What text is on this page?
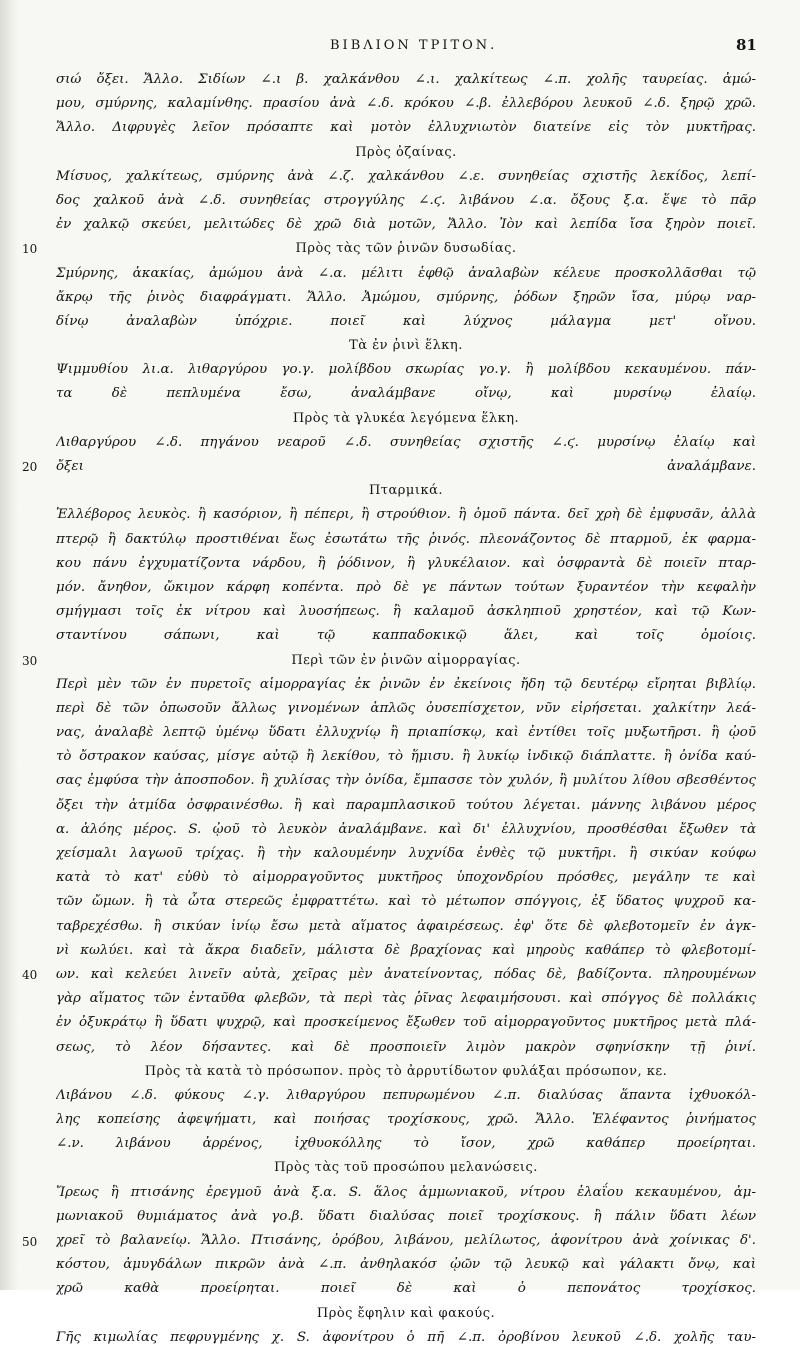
ΒΙΒΛΙΟΝ ΤΡΙΤΟΝ.	81
σιώ ὄξει. Ἄλλο. Σιδίων ∠.ι β. χαλκάνθου ∠.ι. χαλκίτεως ∠.π. χολῆς ταυρείας. ἀμώ-
μου, σμύρνης, καλαμίνθης. πρασίου ἀνὰ ∠.δ. κρόκου ∠.β. ἐλλεβόρου λευκοῦ ∠.δ. ξηρῷ χρῶ.
Ἄλλο. Διφρυγὲς λεῖον πρόσαπτε καὶ μοτὸν ἐλλυχνιωτὸν διατείνε εἰς τὸν μυκτῆρας.
Πρὸς ὀζαίνας.
Μίσυος, χαλκίτεως, σμύρνης ἀνὰ ∠.ζ. χαλκάνθου ∠.ε. συνηθείας σχιστῆς λεκίδος, λεπί-
δος χαλκοῦ ἀνὰ ∠.δ. συνηθείας στρογγύλης ∠.ϛ. λιβάνου ∠.α. ὄξους ξ.α. ἕψε τὸ πᾶρ
ἐν χαλκῷ σκεύει, μελιτώδες δὲ χρῶ διὰ μοτῶν, Ἄλλο. Ἰὸν καὶ λεπίδα ἴσα ξηρὸν ποιεῖ.
Πρὸς τὰς τῶν ῥινῶν δυσωδίας.
Σμύρνης, ἀκακίας, ἀμώμου ἀνὰ ∠.α. μέλιτι ἑφθῷ ἀναλαβὼν κέλευε προσκολλᾶσθαι τῷ
ἄκρῳ τῆς ῥινὸς διαφράγματι. Ἄλλο. Ἀμώμου, σμύρνης, ῥόδων ξηρῶν ἴσα, μύρῳ ναρ-
δίνῳ ἀναλαβὼν ὑπόχριε. ποιεῖ καὶ λύχνος μάλαγμα μετ' οἴνου.
Τὰ ἐν ῥινὶ ἕλκη.
Ψιμμυθίου λι.α. λιθαργύρου γο.γ. μολίβδου σκωρίας γο.γ. ἢ μολίβδου κεκαυμένου. πάν-
τα δὲ πεπλυμένα ἔσω, ἀναλάμβανε οἴνῳ, καὶ μυρσίνῳ ἐλαίῳ.
Πρὸς τὰ γλυκέα λεγόμενα ἕλκη.
Λιθαργύρου ∠.δ. πηγάνου νεαροῦ ∠.δ. συνηθείας σχιστῆς ∠.ϛ. μυρσίνῳ ἐλαίῳ καὶ
ὄξει ἀναλάμβανε.
Πταρμικά.
Ἐλλέβορος λευκὸς. ἢ κασόριον, ἢ πέπερι, ἢ στρούθιον. ἢ ὁμοῦ πάντα. δεῖ χρὴ δὲ ἐμφυσᾶν, ἀλλὰ
πτερῷ ἢ δακτύλῳ προστιθέναι ἕως ἐσωτάτω τῆς ῥινός. πλεονάζοντος δὲ πταρμοῦ, ἐκ φαρμα-
κου πάνυ ἐγχυματίζοντα νάρδου, ἢ ῥόδινον, ἢ γλυκέλαιον. καὶ ὀσφραντὰ δὲ ποιεῖν πταρ-
μόν. ἄνηθον, ὤκιμον κάρφη κοπέντα. πρὸ δὲ γε πάντων τούτων ξυραντέον τὴν κεφαλὴν
σμήγμασι τοῖς ἐκ νίτρου καὶ λυοσήπεως. ἢ καλαμοῦ ἀσκληπιοῦ χρηστέον, καὶ τῷ Κων-
σταντίνου σάπωνι, καὶ τῷ καππαδοκικῷ ἅλει, καὶ τοῖς ὁμοίοις.
Περὶ τῶν ἐν ῥινῶν αἱμορραγίας.
Περὶ μὲν τῶν ἐν πυρετοῖς αἱμορραγίας ἐκ ῥινῶν ἐν ἐκείνοις ἤδη τῷ δευτέρῳ εἴρηται βιβλίῳ.
περὶ δὲ τῶν ὁπωσοῦν ἄλλως γινομένων ἁπλῶς ὀυσεπίσχετον, νῦν εἰρήσεται. χαλκίτην λεά-
νας, ἀναλαβὲ λεπτῷ ὑμένῳ ὕδατι ἐλλυχνίῳ ἢ πριαπίσκῳ, καὶ ἐντίθει τοῖς μυξωτῆρσι. ἢ ᾠοῦ
τὸ ὄστρακον καύσας, μίσγε αὐτῷ ἢ λεκίθου, τὸ ἥμισυ. ἢ λυκίῳ ἰνδικῷ διάπλαττε. ἢ ὀνίδα καύ-
σας ἐμφύσα τὴν ἀποσποδον. ἢ χυλίσας τὴν ὀνίδα, ἔμπασσε τὸν χυλόν, ἢ μυλίτου λίθου σβεσθέντος
ὄξει τὴν ἀτμίδα ὀσφραινέσθω. ἢ καὶ παραμπλασικοῦ τούτου λέγεται. μάννης λιβάνου μέρος
α. ἀλόης μέρος. S. ᾠοῦ τὸ λευκὸν ἀναλάμβανε. καὶ δι' ἐλλυχνίου, προσθέσθαι ἔξωθεν τὰ
χείσμαλι λαγωοῦ τρίχας. ἢ τὴν καλουμένην λυχνίδα ἐνθὲς τῷ μυκτῆρι. ἢ σικύαν κούφω
κατὰ τὸ κατ' εὐθὺ τὸ αἱμορραγοῦντος μυκτῆρος ὑποχονδρίου πρόσθες, μεγάλην τε καὶ
τῶν ὤμων. ἢ τὰ ὦτα στερεῶς ἐμφραττέτω. καὶ τὸ μέτωπον σπόγγοις, ἐξ ὕδατος ψυχροῦ κα-
ταβρεχέσθω. ἢ σικύαν ἰνίῳ ἔσω μετὰ αἵματος ἀφαιρέσεως. ἐφ' ὅτε δὲ φλεβοτομεῖν ἐν ἀγκ-
νὶ κωλύει. καὶ τὰ ἄκρα διαδεῖν, μάλιστα δὲ βραχίονας καὶ μηροὺς καθάπερ τὸ φλεβοτομί-
ων. καὶ κελεύει λινεῖν αὐτὰ, χεῖρας μὲν ἀνατείνοντας, πόδας δὲ, βαδίζοντα. πληρουμένων
γὰρ αἵματος τῶν ἐνταῦθα φλεβῶν, τὰ περὶ τὰς ῥῖνας λεφαιμήσουσι. καὶ σπόγγος δὲ πολλάκις
ἐν ὀξυκράτῳ ἢ ὕδατι ψυχρῷ, καὶ προσκείμενος ἔξωθεν τοῦ αἱμορραγοῦντος μυκτῆρος μετὰ πλά-
σεως, τὸ λέον δήσαντες. καὶ δὲ προσποιεῖν λιμὸν μακρὸν σφηνίσκην τῇ ῥινί.
Πρὸς τὰ κατὰ τὸ πρόσωπον. πρὸς τὸ ἀρρυτίδωτον φυλάξαι πρόσωπον, κε.
Λιβάνου ∠.δ. φύκους ∠.γ. λιθαργύρου πεπυρωμένου ∠.π. διαλύσας ἅπαντα ἰχθυοκόλ-
λης κοπείσης ἀφεψήματι, καὶ ποιήσας τροχίσκους, χρῶ. Ἄλλο. Ἐλέφαντος ῥινήματος
∠.ν. λιβάνου ἀρρένος, ἰχθυοκόλλης τὸ ἴσον, χρῶ καθάπερ προείρηται.
Πρὸς τὰς τοῦ προσώπου μελανώσεις.
Ἴρεως ἢ πτισάνης ἐρεγμοῦ ἀνὰ ξ.α. S. ἅλος ἀμμωνιακοῦ, νίτρου ἐλαΐου κεκαυμένου, ἀμ-
μωνιακοῦ θυμιάματος ἀνὰ γο.β. ὕδατι διαλύσας ποιεῖ τροχίσκους. ἢ πάλιν ὕδατι λέων
χρεῖ τὸ βαλανείῳ. Ἄλλο. Πτισάνης, ὀρόβου, λιβάνου, μελίλωτος, ἀφονίτρου ἀνὰ χοίνικας δ'.
κόστου, ἀμυγδάλων πικρῶν ἀνὰ ∠.π. ἀνθηλακόσ ᾠῶν τῷ λευκῷ καὶ γάλακτι ὄνῳ, καὶ
χρῶ καθὰ προείρηται. ποιεῖ δὲ καὶ ὁ πεπονάτος τροχίσκος.
Πρὸς ἔφηλιν καὶ φακούς.
Γῆς κιμωλίας πεφρυγμένης χ. S. ἀφονίτρου ὁ πῆ ∠.π. ὀροβίνου λευκοῦ ∠.δ. χολῆς ταυ-
10
20
30
40
50
